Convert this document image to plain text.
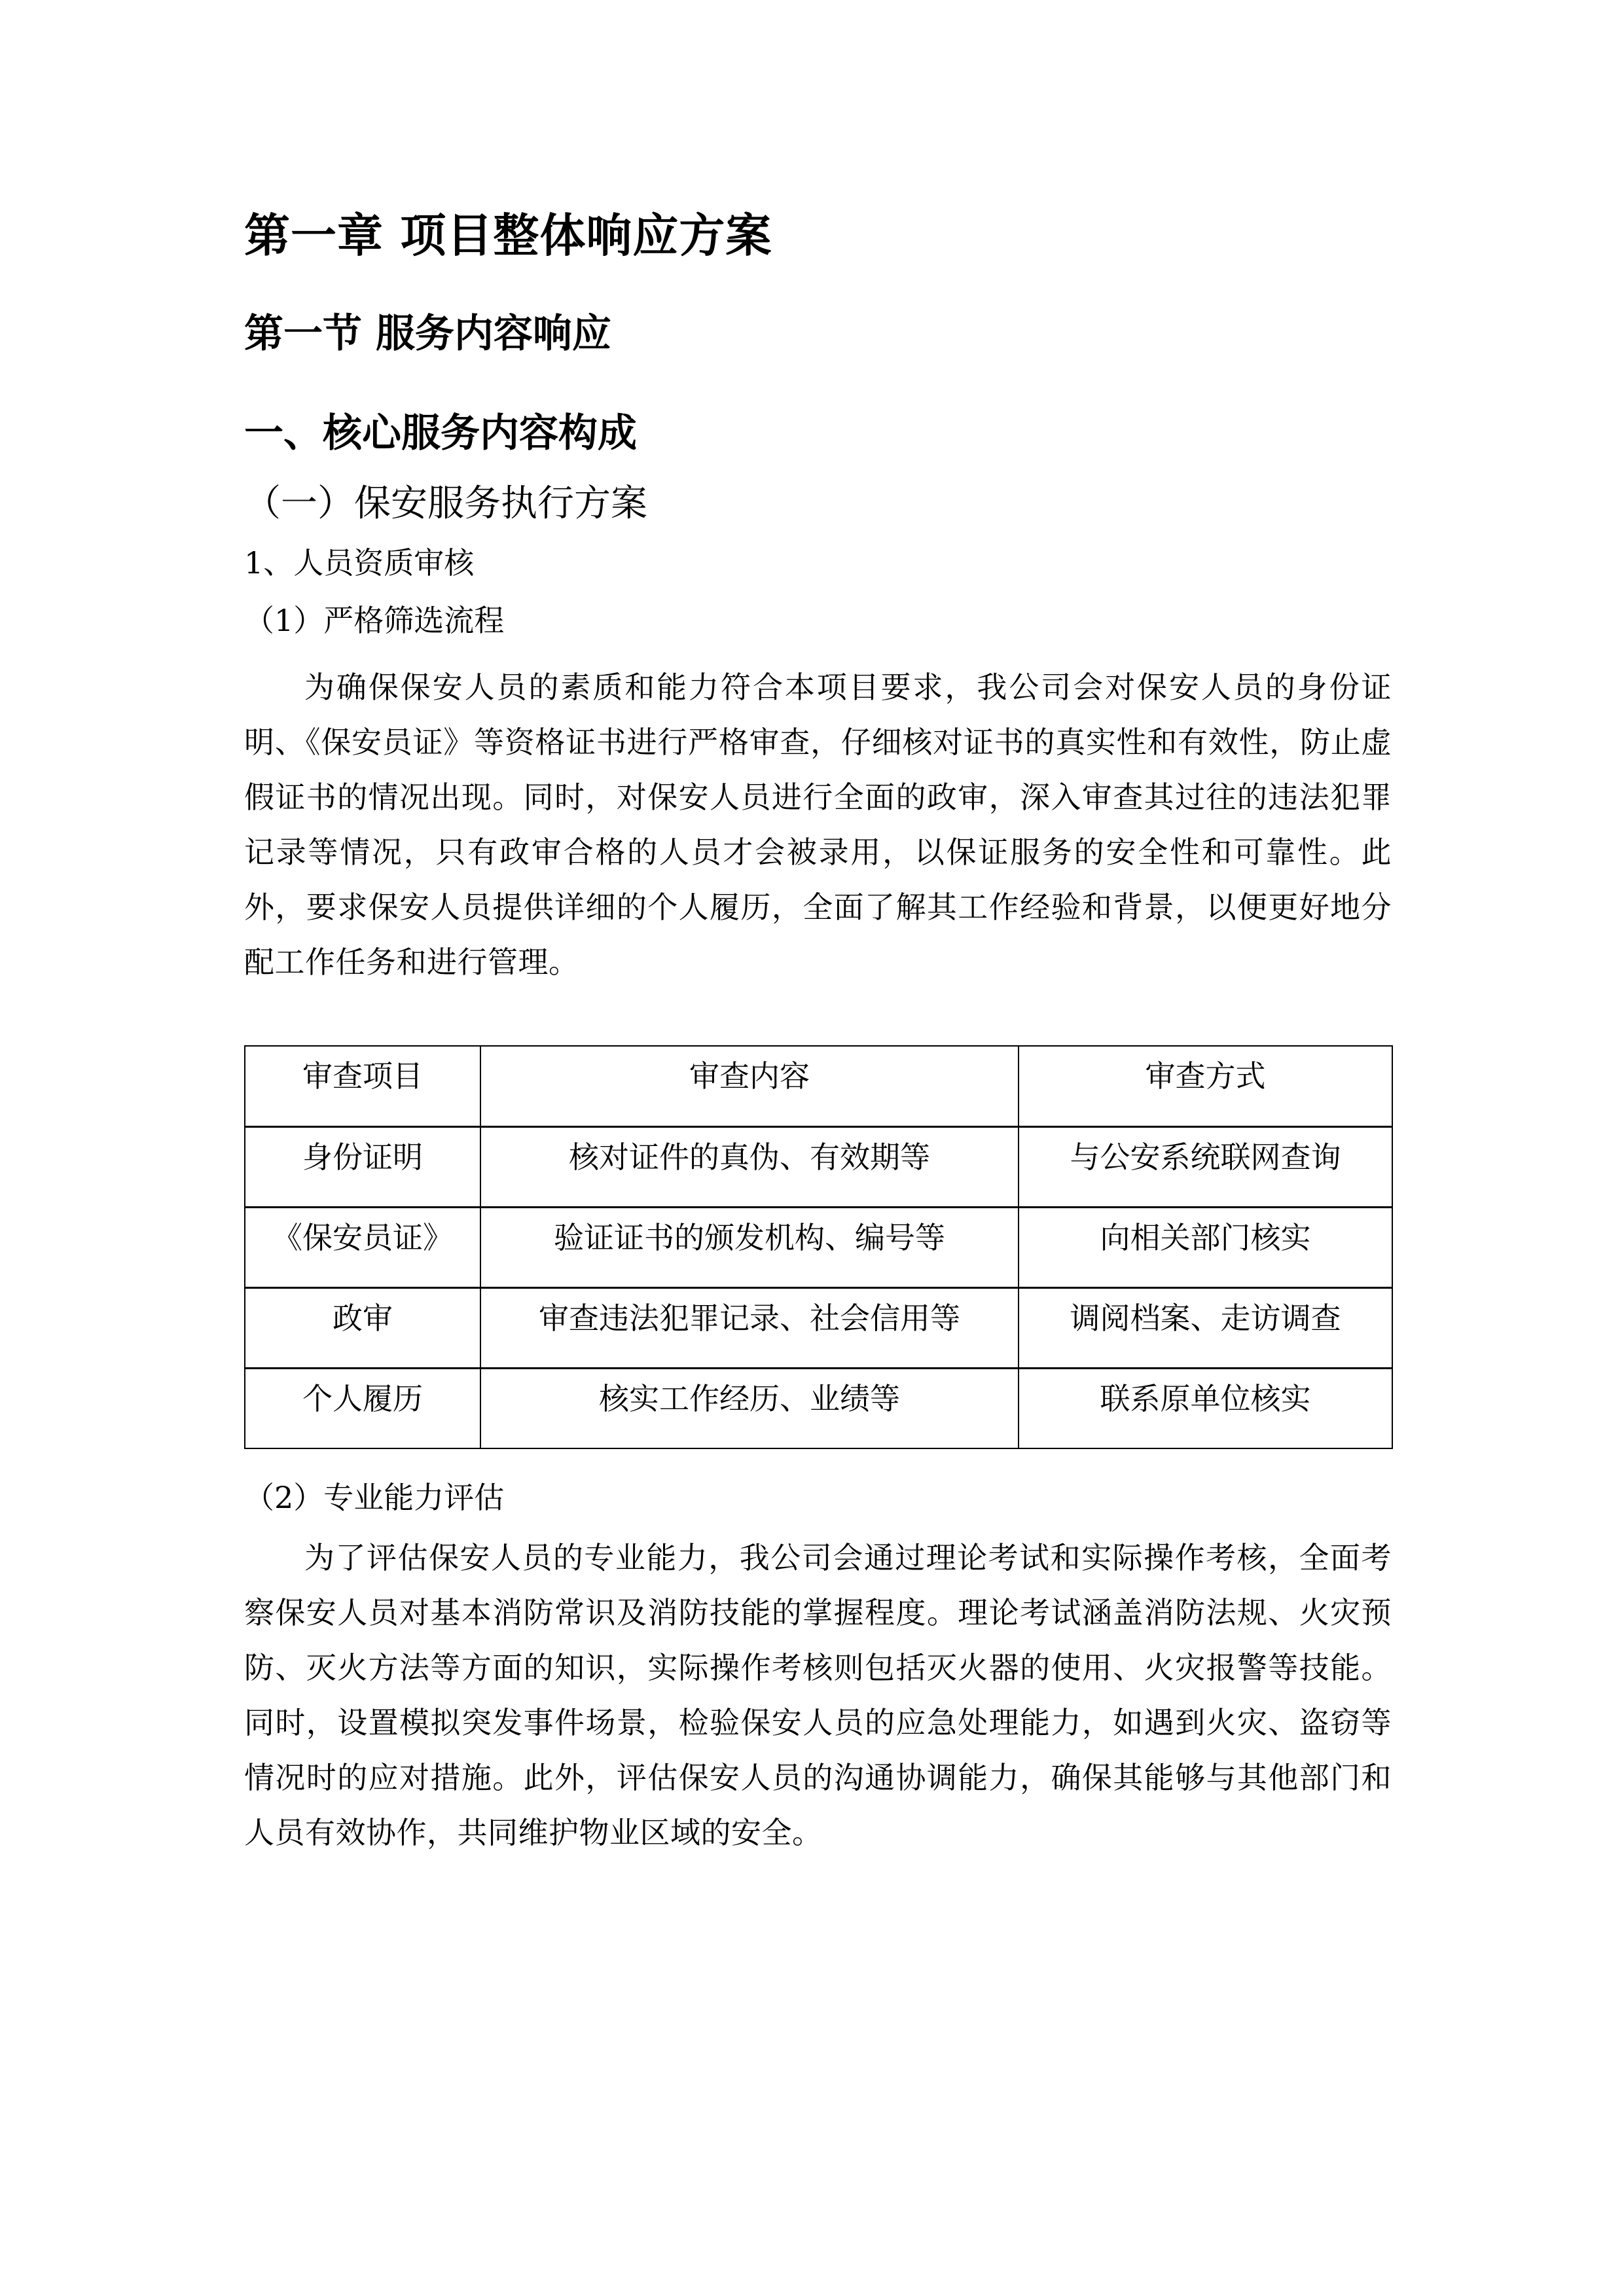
第一章 项目整体响应方案
第一节 服务内容响应
一、核心服务内容构成
（一）保安服务执行方案
1、人员资质审核
（1）严格筛选流程

为确保保安人员的素质和能力符合本项目要求，我公司会对保安人员的身份证明、《保安员证》等资格证书进行严格审查，仔细核对证书的真实性和有效性，防止虚假证书的情况出现。同时，对保安人员进行全面的政审，深入审查其过往的违法犯罪记录等情况，只有政审合格的人员才会被录用，以保证服务的安全性和可靠性。此外，要求保安人员提供详细的个人履历，全面了解其工作经验和背景，以便更好地分配工作任务和进行管理。

审查项目	审查内容	审查方式
身份证明	核对证件的真伪、有效期等	与公安系统联网查询
《保安员证》	验证证书的颁发机构、编号等	向相关部门核实
政审	审查违法犯罪记录、社会信用等	调阅档案、走访调查
个人履历	核实工作经历、业绩等	联系原单位核实
（2）专业能力评估

为了评估保安人员的专业能力，我公司会通过理论考试和实际操作考核，全面考察保安人员对基本消防常识及消防技能的掌握程度。理论考试涵盖消防法规、火灾预防、灭火方法等方面的知识，实际操作考核则包括灭火器的使用、火灾报警等技能。同时，设置模拟突发事件场景，检验保安人员的应急处理能力，如遇到火灾、盗窃等情况时的应对措施。此外，评估保安人员的沟通协调能力，确保其能够与其他部门和人员有效协作，共同维护物业区域的安全。
